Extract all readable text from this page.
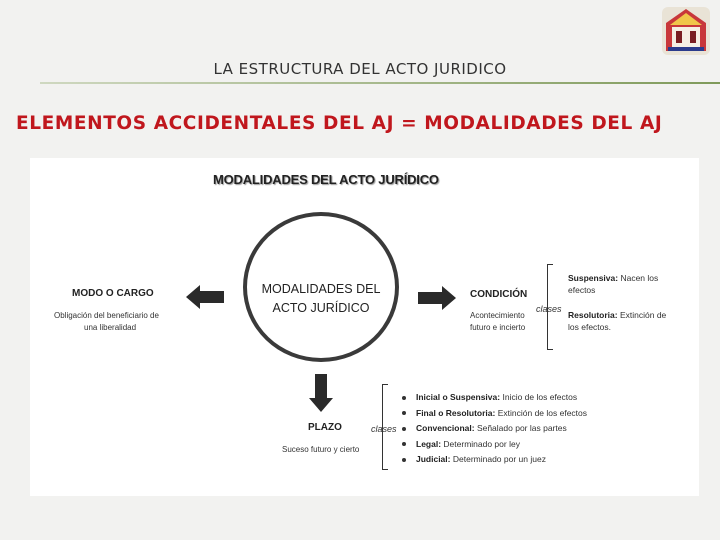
LA ESTRUCTURA DEL ACTO JURIDICO
ELEMENTOS ACCIDENTALES DEL AJ = MODALIDADES DEL AJ
MODALIDADES DEL ACTO JURÍDICO
MODALIDADES DEL
ACTO JURÍDICO
MODO O CARGO
Obligación del beneficiario de
una liberalidad
CONDICIÓN
Acontecimiento
futuro e incierto
clases
Suspensiva: Nacen los
efectos
Resolutoria: Extinción de
los efectos.
PLAZO
Suceso futuro y cierto
clases
Inicial o Suspensiva: Inicio de los efectos
Final o Resolutoria: Extinción de los efectos
Convencional: Señalado por las partes
Legal: Determinado por ley
Judicial: Determinado por un juez
